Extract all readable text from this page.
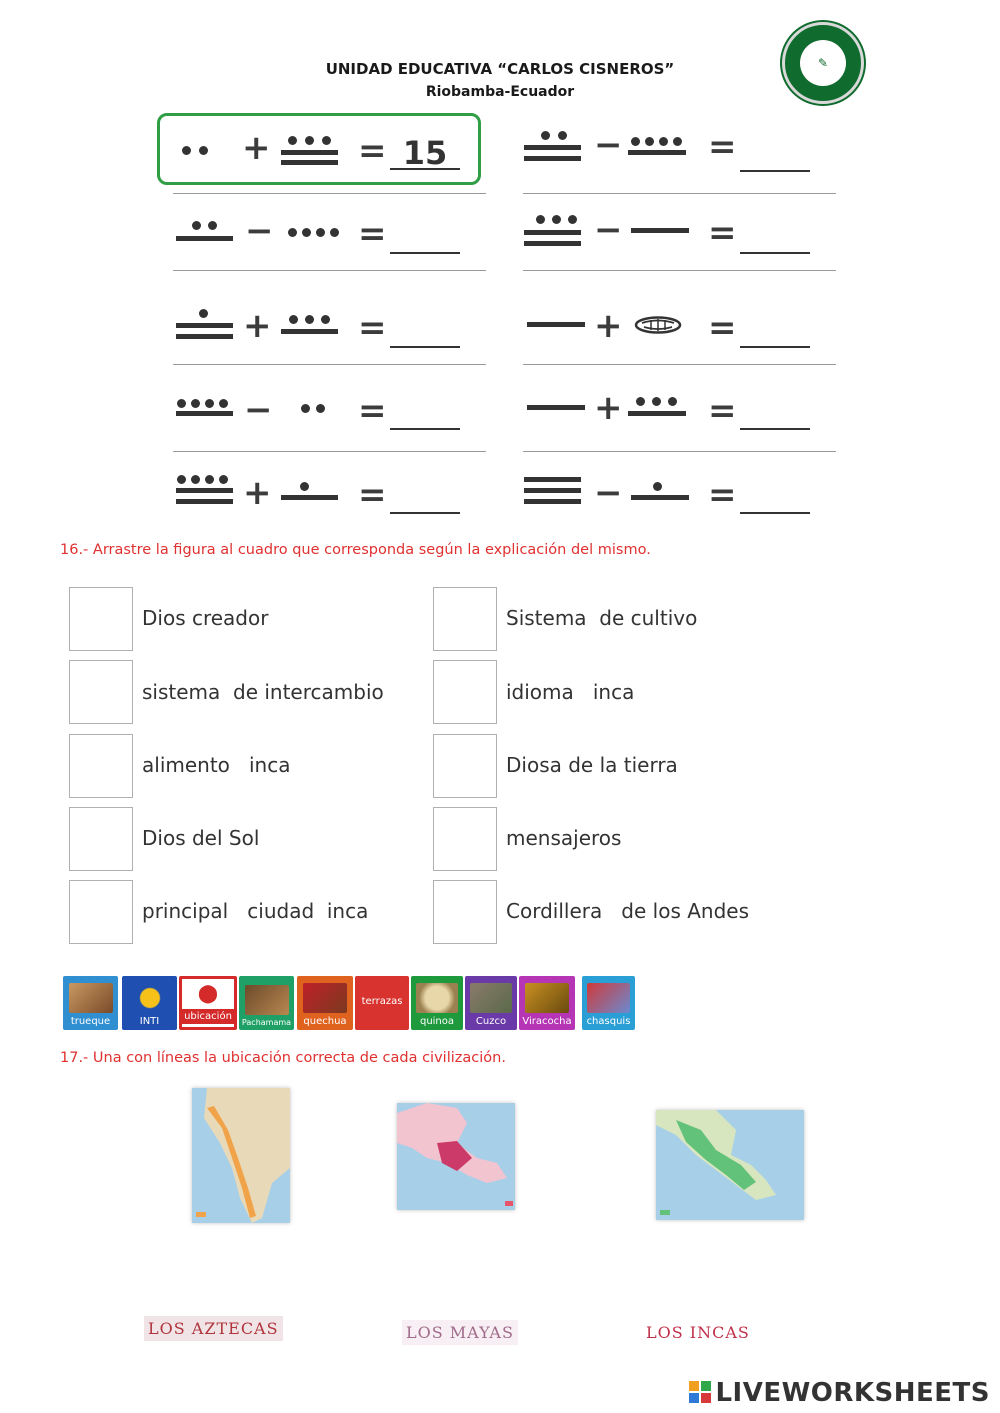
UNIDAD EDUCATIVA “CARLOS CISNEROS”
Riobamba-Ecuador
✎
+	= 15	−	=
− =	−	=
+	=	+	=
−	=	+	=
+	=	−	=
16.- Arrastre la figura al cuadro que corresponda según la explicación del mismo.
Dios creador
sistema  de intercambio
alimento   inca
Dios del Sol
principal   ciudad  inca
Sistema  de cultivo
idioma   inca
Diosa de la tierra
mensajeros
Cordillera   de los Andes
trueque	INTI
⬤
ubicación
Pachamama quechua
terrazas
quinoa Cuzco Viracocha chasquis
17.- Una con líneas la ubicación correcta de cada civilización.
LOS AZTECAS	LOS MAYAS	LOS INCAS
LIVEWORKSHEETS
